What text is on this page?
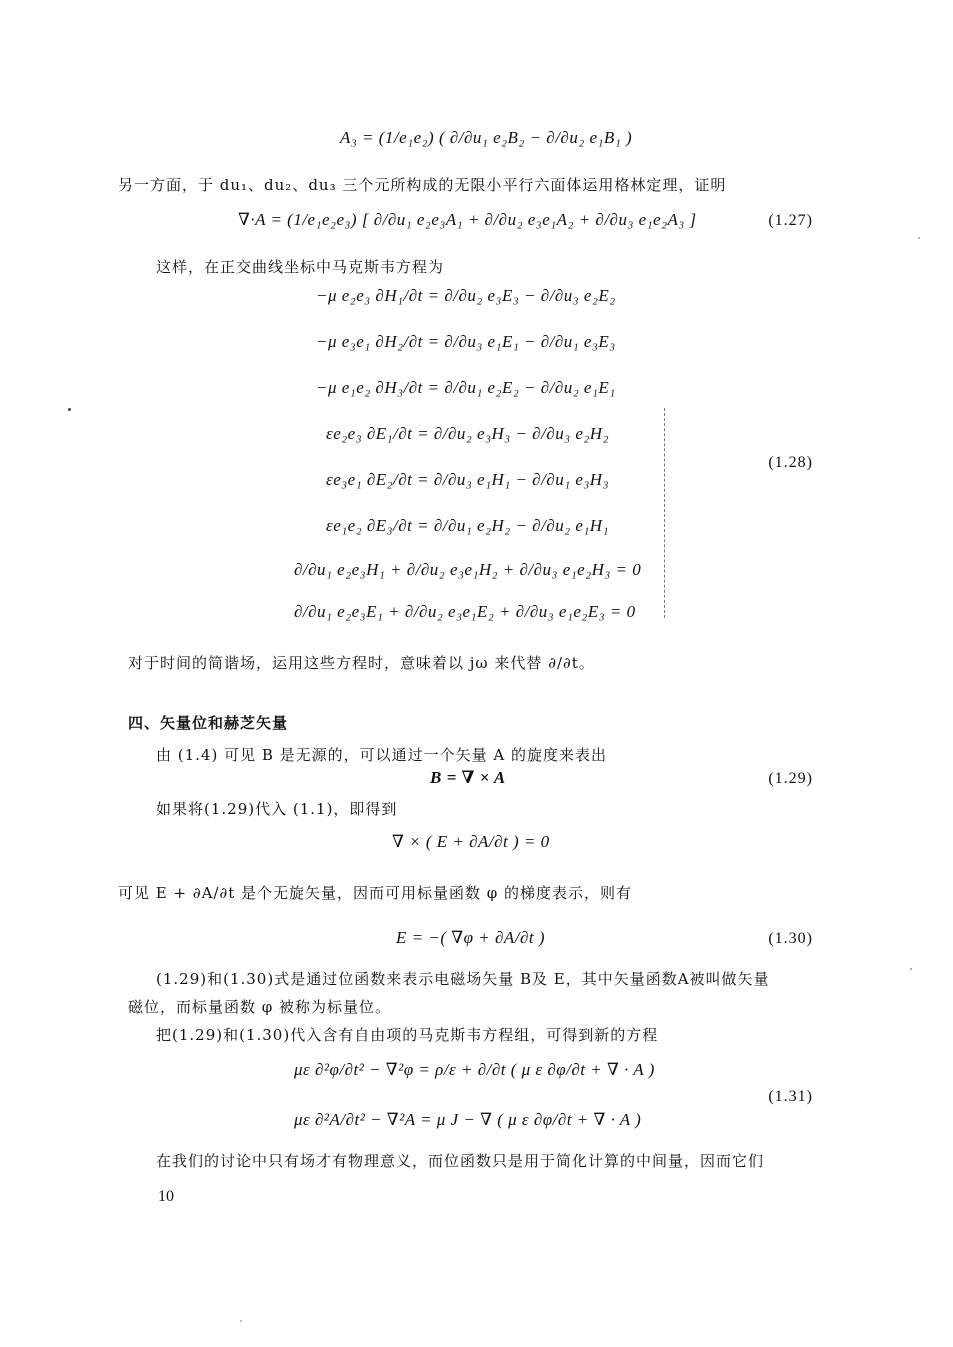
A₃ = (1/e₁e₂) ( ∂/∂u₁ e₂B₂ − ∂/∂u₂ e₁B₁ )
另一方面，于 du₁、du₂、du₃ 三个元所构成的无限小平行六面体运用格林定理，证明
∇·A = (1/e₁e₂e₃) [ ∂/∂u₁ e₂e₃A₁ + ∂/∂u₂ e₃e₁A₂ + ∂/∂u₃ e₁e₂A₃ ]	(1.27)
这样，在正交曲线坐标中马克斯韦方程为
−μ e₂e₃ ∂H₁/∂t = ∂/∂u₂ e₃E₃ − ∂/∂u₃ e₂E₂
−μ e₃e₁ ∂H₂/∂t = ∂/∂u₃ e₁E₁ − ∂/∂u₁ e₃E₃
−μ e₁e₂ ∂H₃/∂t = ∂/∂u₁ e₂E₂ − ∂/∂u₂ e₁E₁
εe₂e₃ ∂E₁/∂t = ∂/∂u₂ e₃H₃ − ∂/∂u₃ e₂H₂
εe₃e₁ ∂E₂/∂t = ∂/∂u₃ e₁H₁ − ∂/∂u₁ e₃H₃
εe₁e₂ ∂E₃/∂t = ∂/∂u₁ e₂H₂ − ∂/∂u₂ e₁H₁
∂/∂u₁ e₂e₃H₁ + ∂/∂u₂ e₃e₁H₂ + ∂/∂u₃ e₁e₂H₃ = 0
∂/∂u₁ e₂e₃E₁ + ∂/∂u₂ e₃e₁E₂ + ∂/∂u₃ e₁e₂E₃ = 0
(1.28)
对于时间的简谐场，运用这些方程时，意味着以 jω 来代替 ∂/∂t。
四、矢量位和赫芝矢量
由 (1.4) 可见 B 是无源的，可以通过一个矢量 A 的旋度来表出
B = ∇ × A	(1.29)
如果将(1.29)代入 (1.1)，即得到
∇ × ( E + ∂A/∂t ) = 0
可见 E + ∂A/∂t 是个无旋矢量，因而可用标量函数 φ 的梯度表示，则有
E = −( ∇φ + ∂A/∂t )	(1.30)
(1.29)和(1.30)式是通过位函数来表示电磁场矢量 B及 E，其中矢量函数A被叫做矢量
磁位，而标量函数 φ 被称为标量位。
把(1.29)和(1.30)代入含有自由项的马克斯韦方程组，可得到新的方程
με ∂²φ/∂t² − ∇²φ = ρ/ε + ∂/∂t ( μ ε ∂φ/∂t + ∇ · A )
με ∂²A/∂t² − ∇²A = μ J − ∇ ( μ ε ∂φ/∂t + ∇ · A )
(1.31)
在我们的讨论中只有场才有物理意义，而位函数只是用于简化计算的中间量，因而它们
10
